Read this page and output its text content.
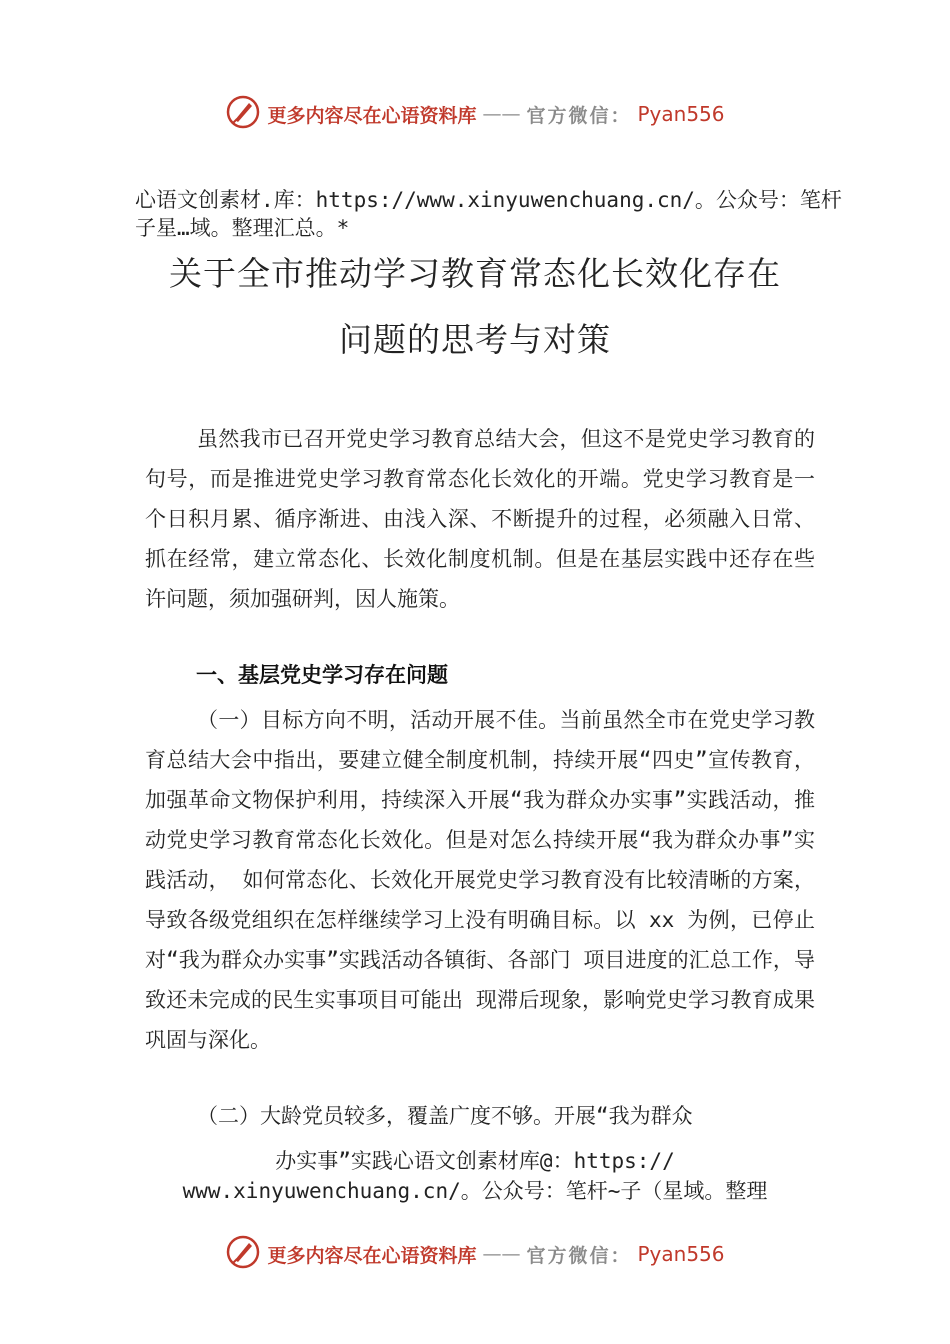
更多内容尽在心语资料库 —— 官方微信： Pyan556
心语文创素材.库：https://www.xinyuwenchuang.cn/。公众号：笔杆子星…域。整理汇总。*
关于全市推动学习教育常态化长效化存在
问题的思考与对策

虽然我市已召开党史学习教育总结大会，但这不是党史学习教育的句号，而是推进党史学习教育常态化长效化的开端。党史学习教育是一个日积月累、循序渐进、由浅入深、不断提升的过程，必须融入日常、抓在经常，建立常态化、长效化制度机制。但是在基层实践中还存在些许问题，须加强研判，因人施策。

一、基层党史学习存在问题

（一）目标方向不明，活动开展不佳。当前虽然全市在党史学习教育总结大会中指出，要建立健全制度机制，持续开展“四史”宣传教育，加强革命文物保护利用，持续深入开展“我为群众办实事”实践活动，推动党史学习教育常态化长效化。但是对怎么持续开展“我为群众办事”实践活动， 如何常态化、长效化开展党史学习教育没有比较清晰的方案， 导致各级党组织在怎样继续学习上没有明确目标。以 xx 为例，已停止对“我为群众办实事”实践活动各镇街、各部门 项目进度的汇总工作，导致还未完成的民生实事项目可能出 现滞后现象，影响党史学习教育成果巩固与深化。

（二）大龄党员较多，覆盖广度不够。开展“我为群众

办实事”实践心语文创素材库@：https://
www.xinyuwenchuang.cn/。公众号：笔杆~子（星域。整理
更多内容尽在心语资料库 —— 官方微信： Pyan556
